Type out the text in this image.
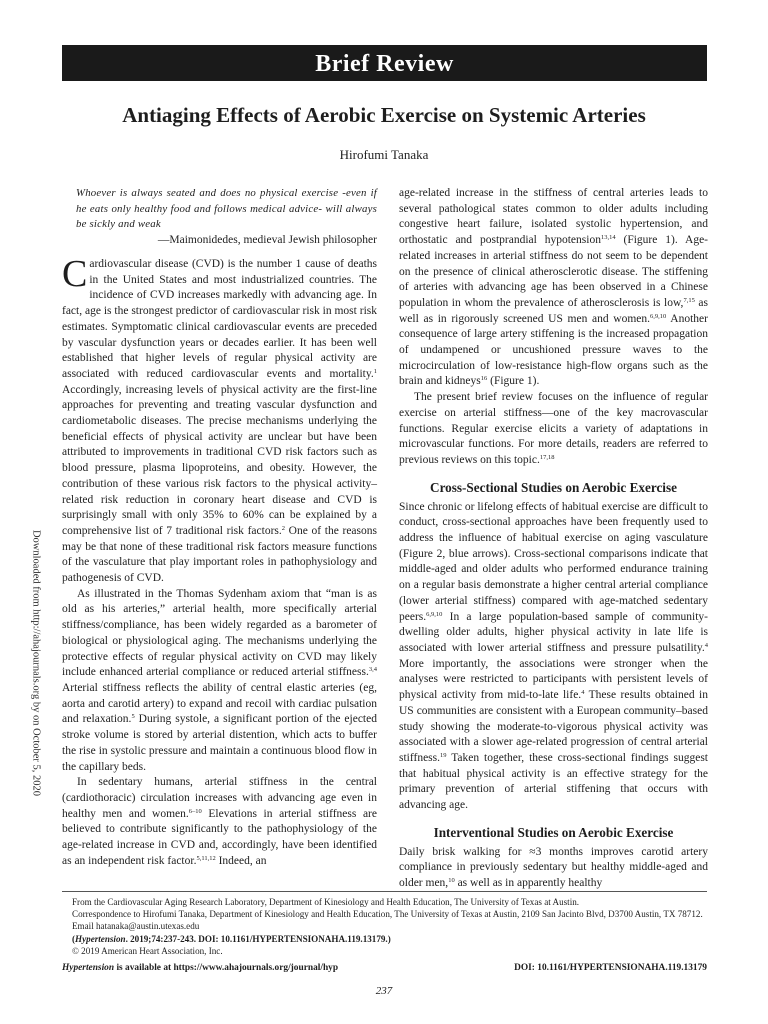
Brief Review
Antiaging Effects of Aerobic Exercise on Systemic Arteries
Hirofumi Tanaka
Whoever is always seated and does no physical exercise -even if he eats only healthy food and follows medical advice- will always be sickly and weak
—Maimonidedes, medieval Jewish philosopher

Cardiovascular disease (CVD) is the number 1 cause of deaths in the United States and most industrialized countries. The incidence of CVD increases markedly with advancing age. In fact, age is the strongest predictor of cardiovascular risk in most risk estimates. Symptomatic clinical cardiovascular events are preceded by vascular dysfunction years or decades earlier. It has been well established that higher levels of regular physical activity are associated with reduced cardiovascular events and mortality.$^1$ Accordingly, increasing levels of physical activity are the first-line approaches for preventing and treating vascular dysfunction and cardiometabolic diseases. The precise mechanisms underlying the beneficial effects of physical activity are unclear but have been attributed to improvements in traditional CVD risk factors such as blood pressure, plasma lipoproteins, and obesity. However, the contribution of these various risk factors to the physical activity–related risk reduction in coronary heart disease and CVD is surprisingly small with only 35% to 60% can be explained by a comprehensive list of 7 traditional risk factors.$^2$ One of the reasons may be that none of these traditional risk factors measure functions of the vasculature that play important roles in pathophysiology and pathogenesis of CVD.

As illustrated in the Thomas Sydenham axiom that “man is as old as his arteries,” arterial health, more specifically arterial stiffness/compliance, has been widely regarded as a barometer of biological or physiological aging. The mechanisms underlying the protective effects of regular physical activity on CVD may likely include enhanced arterial compliance or reduced arterial stiffness.$^{3,4}$ Arterial stiffness reflects the ability of central elastic arteries (eg, aorta and carotid artery) to expand and recoil with cardiac pulsation and relaxation.$^5$ During systole, a significant portion of the ejected stroke volume is stored by arterial distention, which acts to buffer the rise in systolic pressure and maintain a continuous blood flow in the capillary beds.

In sedentary humans, arterial stiffness in the central (cardiothoracic) circulation increases with advancing age even in healthy men and women.$^{6-10}$ Elevations in arterial stiffness are believed to contribute significantly to the pathophysiology of the age-related increase in CVD and, accordingly, have been identified as an independent risk factor.$^{5,11,12}$ Indeed, an

age-related increase in the stiffness of central arteries leads to several pathological states common to older adults including congestive heart failure, isolated systolic hypertension, and orthostatic and postprandial hypotension$^{13,14}$ (Figure 1). Age-related increases in arterial stiffness do not seem to be dependent on the presence of clinical atherosclerotic disease. The stiffening of arteries with advancing age has been observed in a Chinese population in whom the prevalence of atherosclerosis is low,$^{7,15}$ as well as in rigorously screened US men and women.$^{6,9,10}$ Another consequence of large artery stiffening is the increased propagation of undampened or uncushioned pressure waves to the microcirculation of low-resistance high-flow organs such as the brain and kidneys$^{16}$ (Figure 1).

The present brief review focuses on the influence of regular exercise on arterial stiffness—one of the key macrovascular functions. Regular exercise elicits a variety of adaptations in microvascular functions. For more details, readers are referred to previous reviews on this topic.$^{17,18}$

Cross-Sectional Studies on Aerobic Exercise

Since chronic or lifelong effects of habitual exercise are difficult to conduct, cross-sectional approaches have been frequently used to address the influence of habitual exercise on aging vasculature (Figure 2, blue arrows). Cross-sectional comparisons indicate that middle-aged and older adults who performed endurance training on a regular basis demonstrate a higher central arterial compliance (lower arterial stiffness) compared with age-matched sedentary peers.$^{6,9,10}$ In a large population-based sample of community-dwelling older adults, higher physical activity in late life is associated with lower arterial stiffness and pressure pulsatility.$^4$ More importantly, the associations were stronger when the analyses were restricted to participants with persistent levels of physical activity from mid-to-late life.$^4$ These results obtained in US communities are consistent with a European community–based study showing the moderate-to-vigorous physical activity was associated with a slower age-related progression of central arterial stiffness.$^{19}$ Taken together, these cross-sectional findings suggest that habitual physical activity is an effective strategy for the primary prevention of arterial stiffening that occurs with advancing age.

Interventional Studies on Aerobic Exercise

Daily brisk walking for ≈3 months improves carotid artery compliance in previously sedentary but healthy middle-aged and older men,$^{10}$ as well as in apparently healthy

Downloaded from http://ahajournals.org by on October 5, 2020
From the Cardiovascular Aging Research Laboratory, Department of Kinesiology and Health Education, The University of Texas at Austin.
Correspondence to Hirofumi Tanaka, Department of Kinesiology and Health Education, The University of Texas at Austin, 2109 San Jacinto Blvd, D3700 Austin, TX 78712. Email hatanaka@austin.utexas.edu
(Hypertension. 2019;74:237-243. DOI: 10.1161/HYPERTENSIONAHA.119.13179.)
© 2019 American Heart Association, Inc.
Hypertension is available at https://www.ahajournals.org/journal/hyp	DOI: 10.1161/HYPERTENSIONAHA.119.13179
237
